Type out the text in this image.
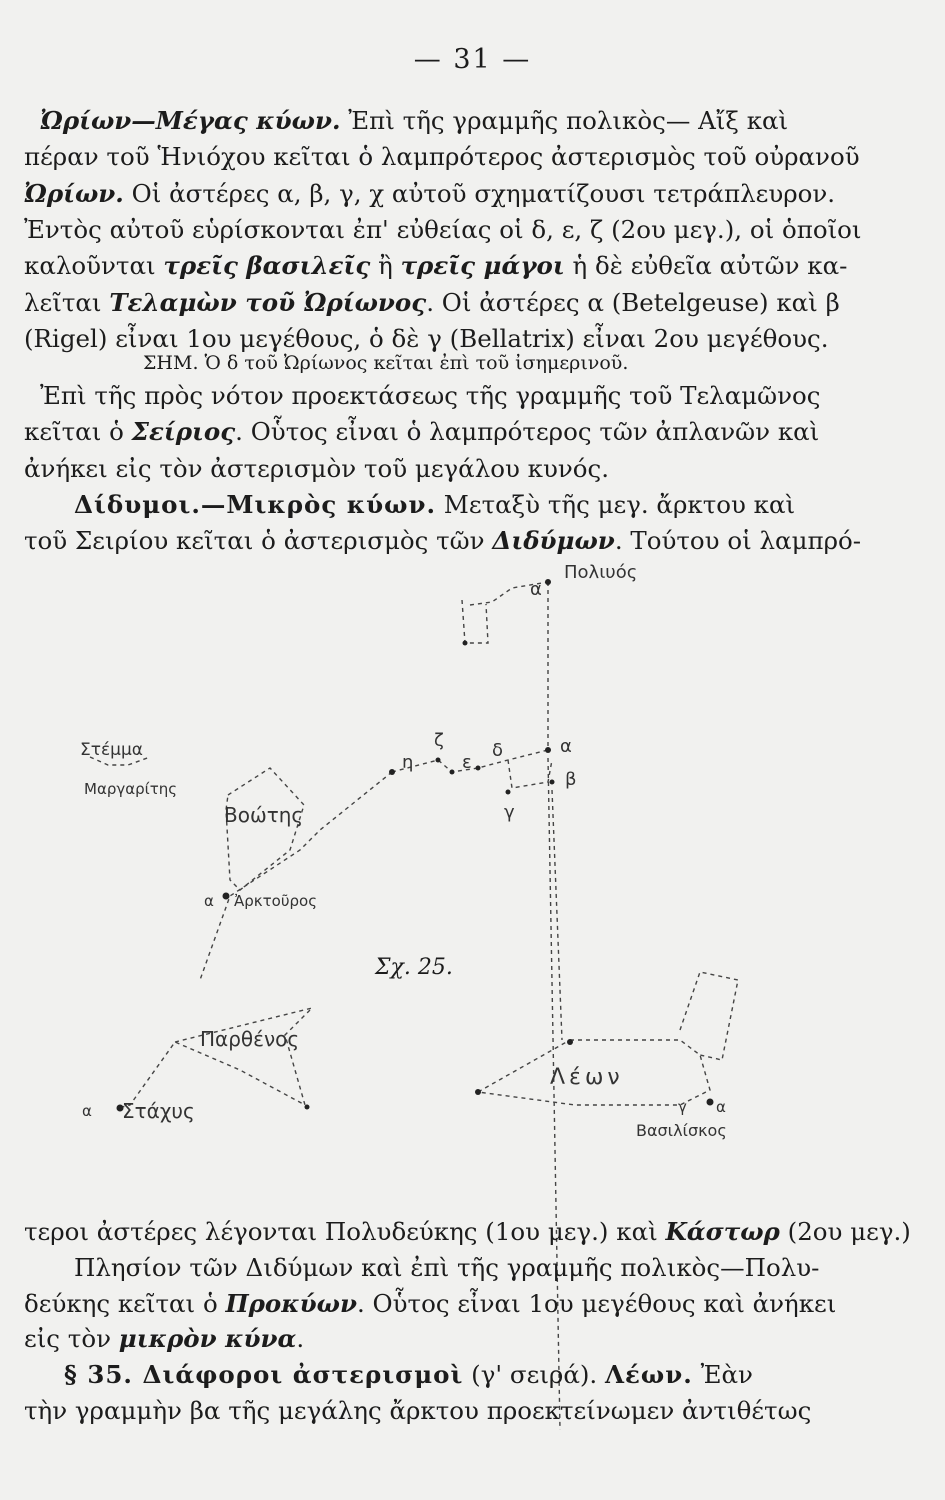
— 31 —
Ὠρίων—Μέγας κύων. Ἐπὶ τῆς γραμμῆς πολικὸς— Αἴξ καὶ
πέραν τοῦ Ἡνιόχου κεῖται ὁ λαμπρότερος ἀστερισμὸς τοῦ οὐρανοῦ
Ὠρίων. Οἱ ἀστέρες α, β, γ, χ αὐτοῦ σχηματίζουσι τετράπλευρον.
Ἐντὸς αὐτοῦ εὑρίσκονται ἐπ' εὐθείας οἱ δ, ε, ζ (2ου μεγ.), οἱ ὁποῖοι
καλοῦνται τρεῖς βασιλεῖς ἢ τρεῖς μάγοι ἡ δὲ εὐθεῖα αὐτῶν κα-
λεῖται Τελαμὼν τοῦ Ὠρίωνος. Οἱ ἀστέρες α (Betelgeuse) καὶ β
(Rigel) εἶναι 1ου μεγέθους, ὁ δὲ γ (Bellatrix) εἶναι 2ου μεγέθους.
ΣΗΜ. Ὁ δ τοῦ Ὠρίωνος κεῖται ἐπὶ τοῦ ἰσημερινοῦ.
Ἐπὶ τῆς πρὸς νότον προεκτάσεως τῆς γραμμῆς τοῦ Τελαμῶνος
κεῖται ὁ Σείριος. Οὗτος εἶναι ὁ λαμπρότερος τῶν ἀπλανῶν καὶ
ἀνήκει εἰς τὸν ἀστερισμὸν τοῦ μεγάλου κυνός.
Δίδυμοι.—Μικρὸς κύων. Μεταξὺ τῆς μεγ. ἄρκτου καὶ
τοῦ Σειρίου κεῖται ὁ ἀστερισμὸς τῶν Διδύμων. Τούτου οἱ λαμπρό-
Πολιυός
α
η
ζ
ε
δ	α
β
γ
Στέμμα
Μαργαρίτης
Βοώτης
α Ἀρκτοῦρος
Παρθένος
α Στάχυς
Λέων
γ α
Βασιλίσκος
Σχ. 25.
τεροι ἀστέρες λέγονται Πολυδεύκης (1ου μεγ.) καὶ Κάστωρ (2ου μεγ.)
Πλησίον τῶν Διδύμων καὶ ἐπὶ τῆς γραμμῆς πολικὸς—Πολυ-
δεύκης κεῖται ὁ Προκύων. Οὗτος εἶναι 1ου μεγέθους καὶ ἀνήκει
εἰς τὸν μικρὸν κύνα.
§ 35. Διάφοροι ἀστερισμοὶ (γ' σειρά). Λέων. Ἐὰν
τὴν γραμμὴν βα τῆς μεγάλης ἄρκτου προεκτείνωμεν ἀντιθέτως
